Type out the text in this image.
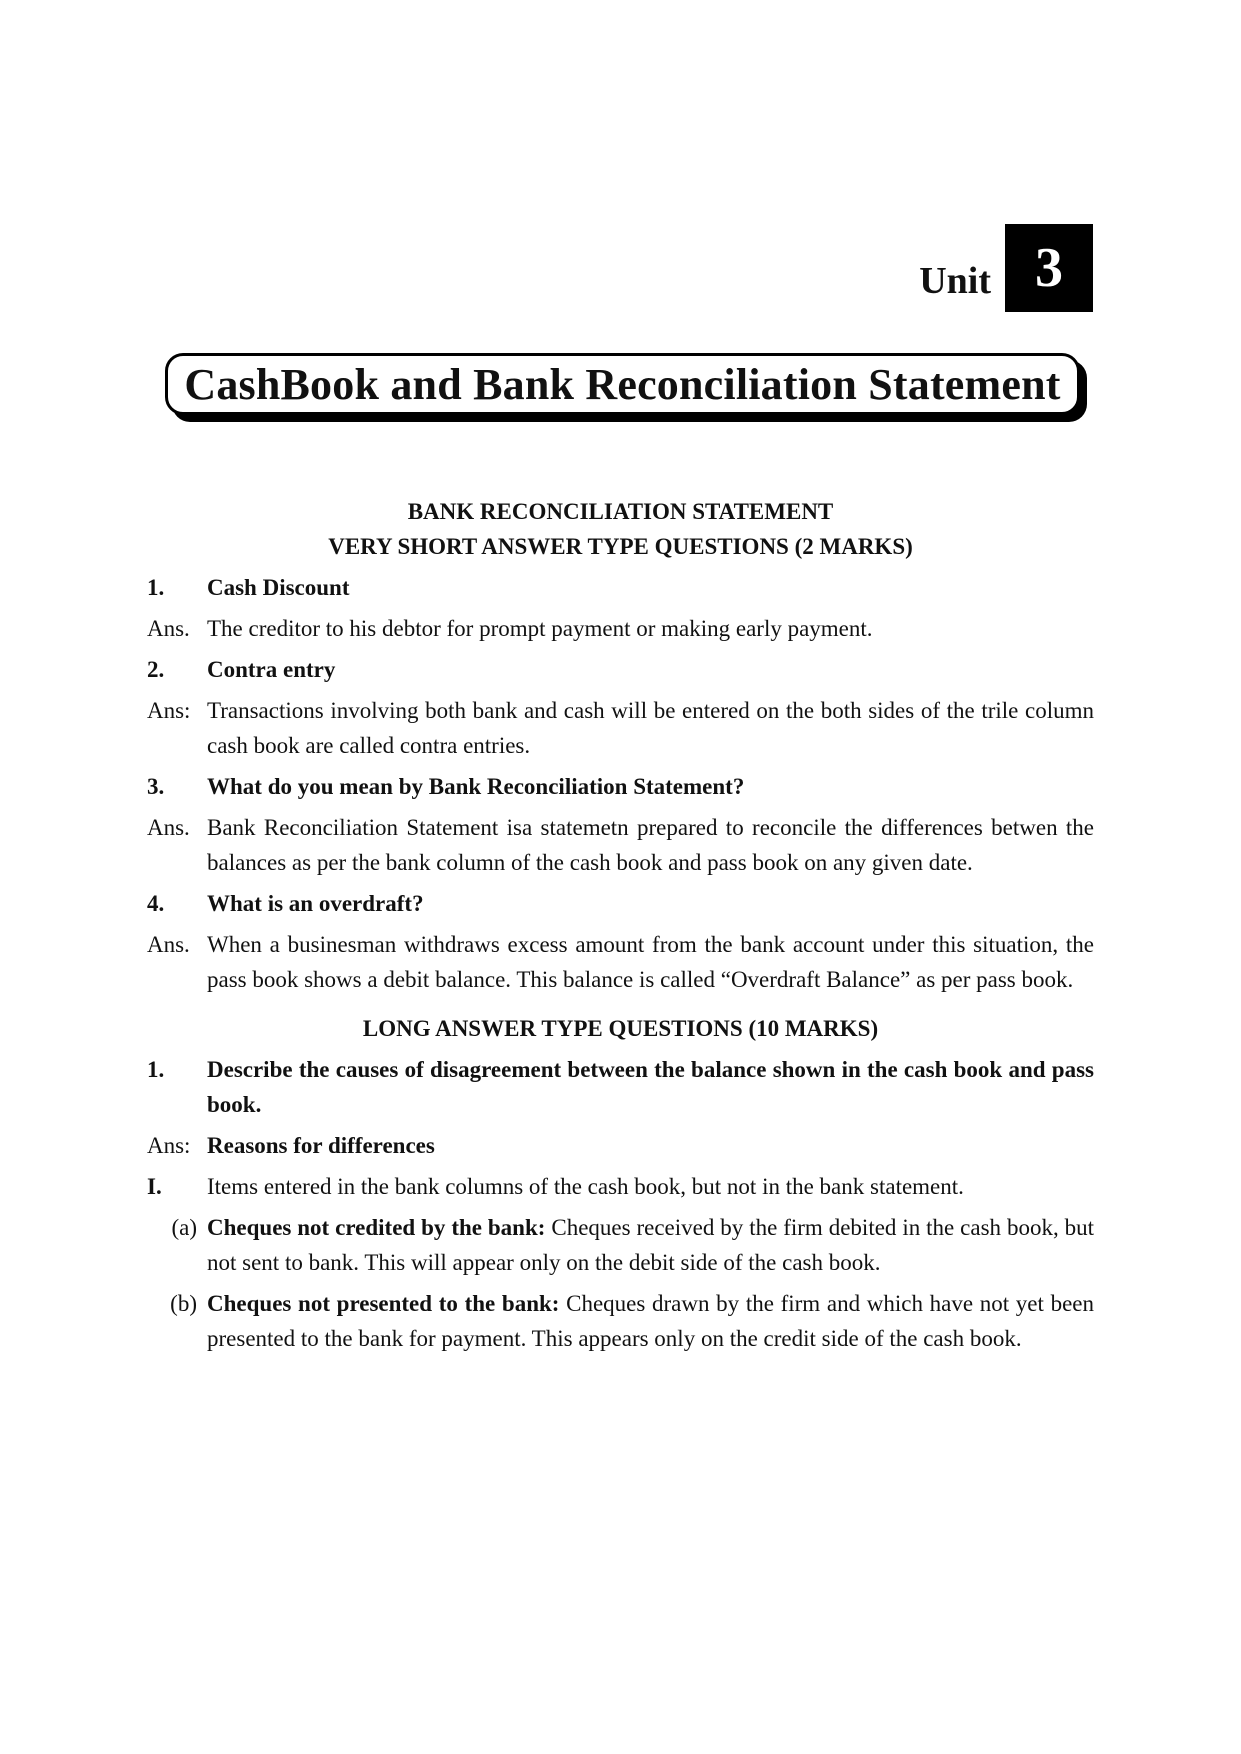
Unit 3
CashBook and Bank Reconciliation Statement

BANK RECONCILIATION STATEMENT

VERY SHORT ANSWER TYPE QUESTIONS (2 MARKS)

1.	Cash Discount
Ans. The creditor to his debtor for prompt payment or making early payment.
2.	Contra entry
Ans: Transactions involving both bank and cash will be entered on the both sides of the trile column cash book are called contra entries.
3.	What do you mean by Bank Reconciliation Statement?
Ans. Bank Reconciliation Statement isa statemetn prepared to reconcile the differences betwen the balances as per the bank column of the cash book and pass book on any given date.
4.	What is an overdraft?
Ans. When a businesman withdraws excess amount from the bank account under this situation, the pass book shows a debit balance. This balance is called “Overdraft Balance” as per pass book.

LONG ANSWER TYPE QUESTIONS (10 MARKS)

1.	Describe the causes of disagreement between the balance shown in the cash book and pass book.
Ans: Reasons for differences
I.	Items entered in the bank columns of the cash book, but not in the bank statement.
(a) Cheques not credited by the bank: Cheques received by the firm debited in the cash book, but not sent to bank. This will appear only on the debit side of the cash book.
(b) Cheques not presented to the bank: Cheques drawn by the firm and which have not yet been presented to the bank for payment. This appears only on the credit side of the cash book.
